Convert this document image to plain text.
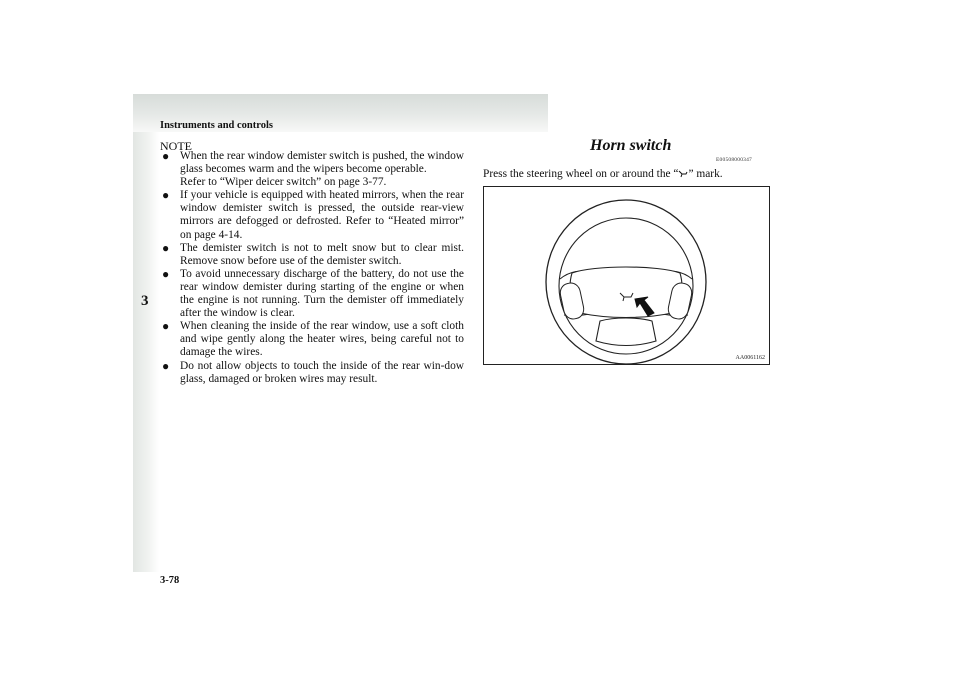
Instruments and controls
3
NOTE
● When the rear window demister switch is pushed, the window glass becomes warm and the wipers become operable.
Refer to “Wiper deicer switch” on page 3-77.
● If your vehicle is equipped with heated mirrors, when the rear window demister switch is pressed, the outside rear-view mirrors are defogged or defrosted. Refer to “Heated mirror” on page 4-14.
● The demister switch is not to melt snow but to clear mist. Remove snow before use of the demister switch.
● To avoid unnecessary discharge of the battery, do not use the rear window demister during starting of the engine or when the engine is not running. Turn the demister off immediately after the window is clear.
● When cleaning the inside of the rear window, use a soft cloth and wipe gently along the heater wires, being careful not to damage the wires.
● Do not allow objects to touch the inside of the rear win-dow glass, damaged or broken wires may result.
Horn switch
E00508000347
Press the steering wheel on or around the “ ” mark.
AA0061162
3-78
